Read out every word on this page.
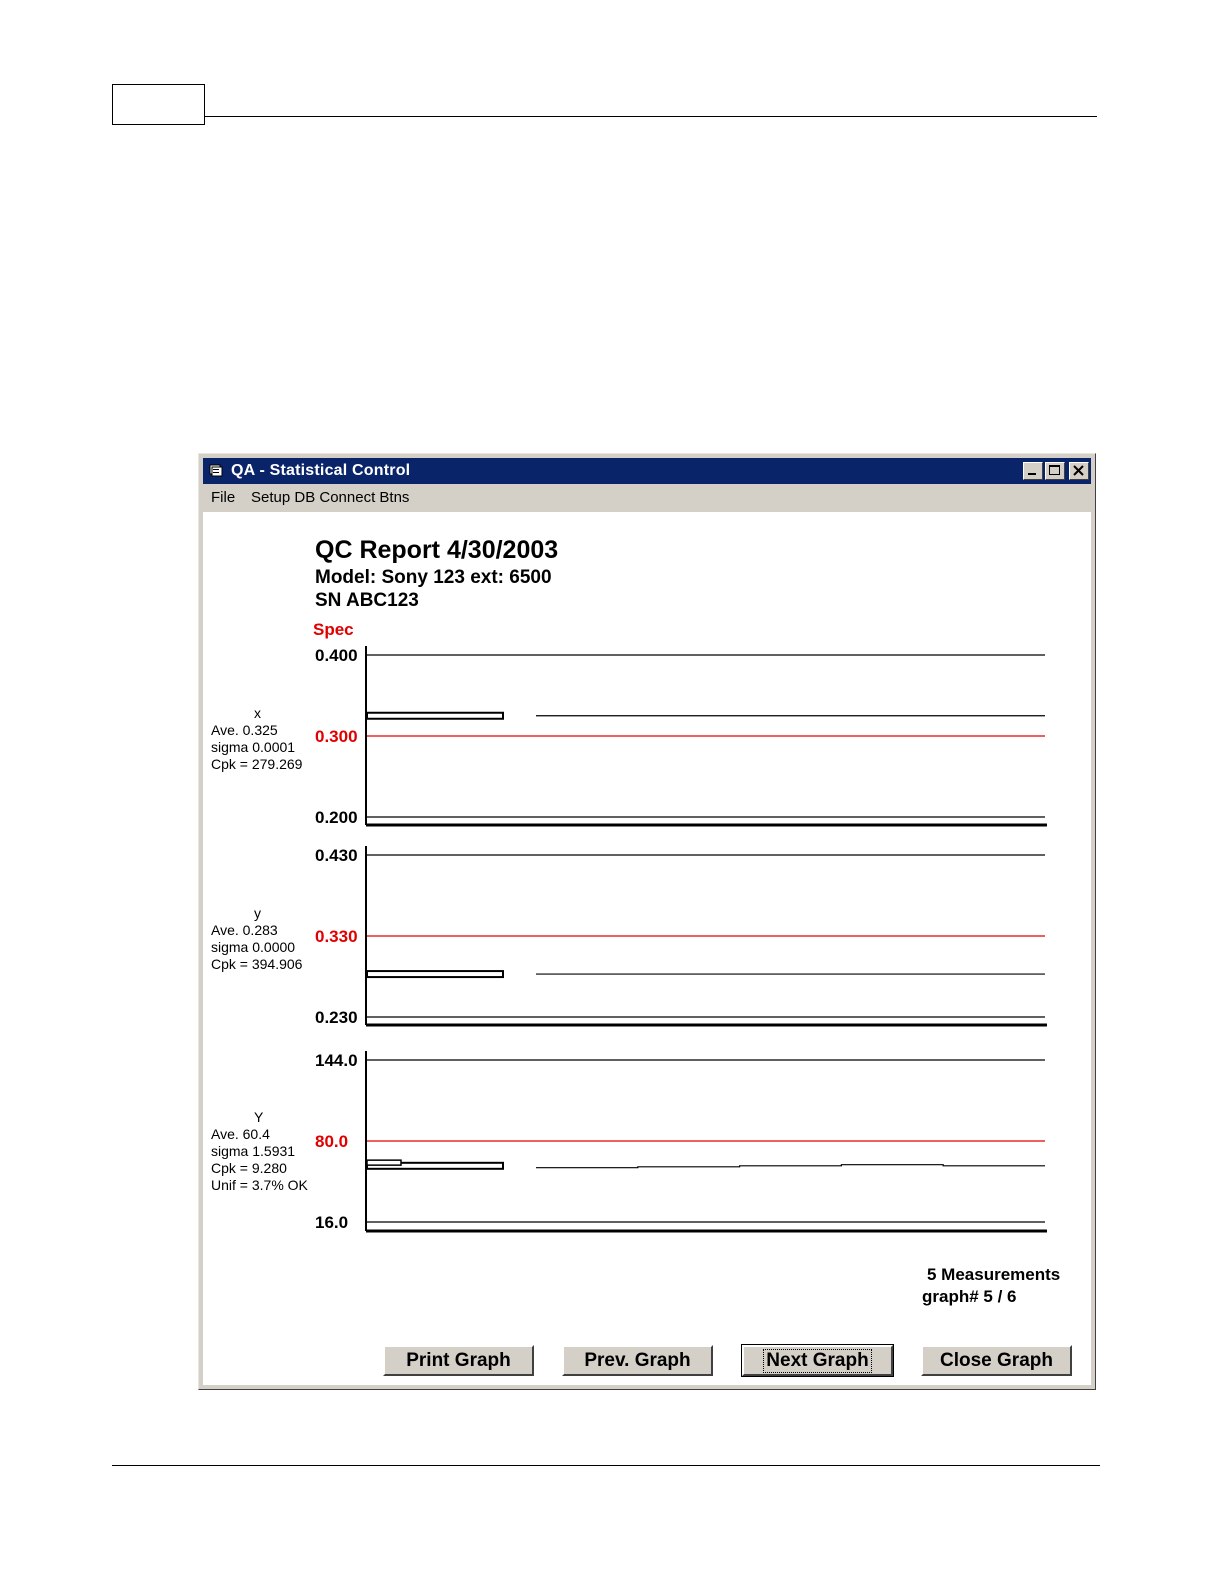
QA - Statistical Control
File Setup DB Connect Btns
QC Report 4/30/2003
Model: Sony 123 ext: 6500
SN ABC123
Spec
x
Ave. 0.325
sigma 0.0001
Cpk = 279.269
y
Ave. 0.283
sigma 0.0000
Cpk = 394.906
Y
Ave. 60.4
sigma 1.5931
Cpk = 9.280
Unif = 3.7% OK
0.400
0.300
0.200
0.430
0.330
0.230
144.0
80.0
16.0
5 Measurements
graph# 5 / 6
Print Graph	Prev. Graph	Next Graph	Close Graph
